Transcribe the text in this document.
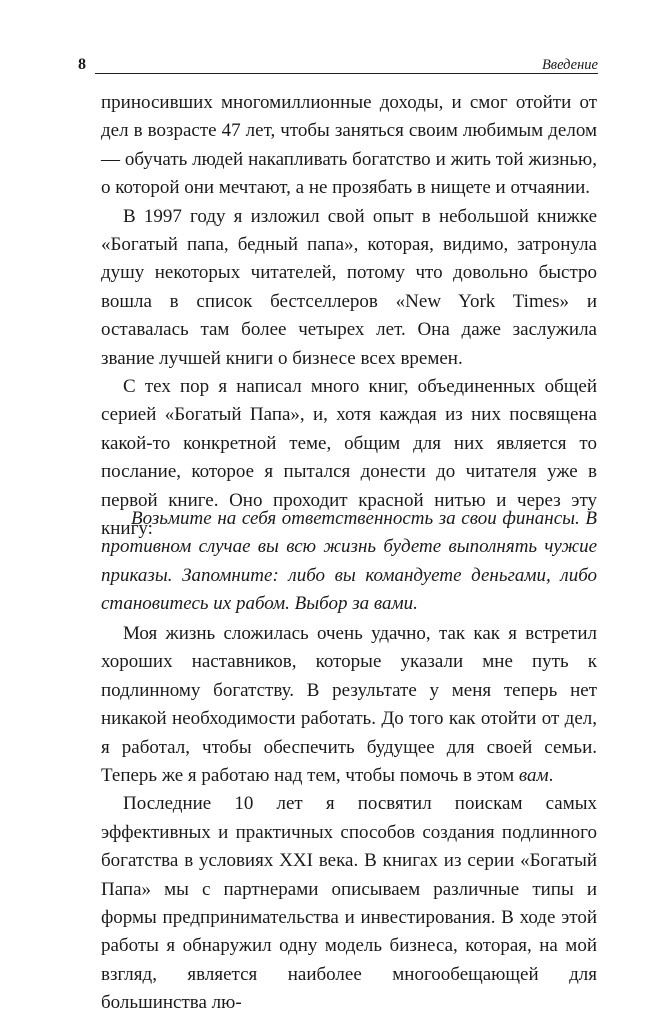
8	Введение

приносивших многомиллионные доходы, и смог отойти от дел в возрасте 47 лет, чтобы заняться своим любимым делом — обучать людей накапливать богатство и жить той жизнью, о которой они мечтают, а не прозябать в нищете и отчаянии.

В 1997 году я изложил свой опыт в небольшой книжке «Богатый папа, бедный папа», которая, видимо, затронула душу некоторых читателей, потому что довольно быстро вошла в список бестселлеров «New York Times» и оставалась там более четырех лет. Она даже заслужила звание лучшей книги о бизнесе всех времен.

С тех пор я написал много книг, объединенных общей серией «Богатый Папа», и, хотя каждая из них посвящена какой-то конкретной теме, общим для них является то послание, которое я пытался донести до читателя уже в первой книге. Оно проходит красной нитью и через эту книгу:

Возьмите на себя ответственность за свои финансы. В противном случае вы всю жизнь будете выполнять чужие приказы. Запомните: либо вы командуете деньгами, либо становитесь их рабом. Выбор за вами.

Моя жизнь сложилась очень удачно, так как я встретил хороших наставников, которые указали мне путь к подлинному богатству. В результате у меня теперь нет никакой необходимости работать. До того как отойти от дел, я работал, чтобы обеспечить будущее для своей семьи. Теперь же я работаю над тем, чтобы помочь в этом вам.

Последние 10 лет я посвятил поискам самых эффективных и практичных способов создания подлинного богатства в условиях XXI века. В книгах из серии «Богатый Папа» мы с партнерами описываем различные типы и формы предпринимательства и инвестирования. В ходе этой работы я обнаружил одну модель бизнеса, которая, на мой взгляд, является наиболее многообещающей для большинства лю-
